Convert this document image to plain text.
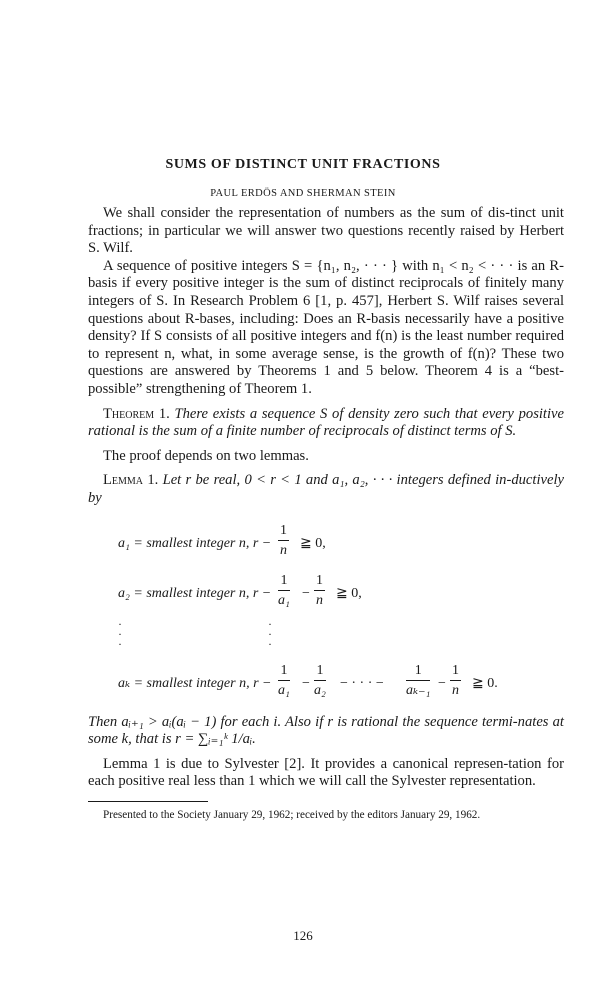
SUMS OF DISTINCT UNIT FRACTIONS
PAUL ERDÖS AND SHERMAN STEIN

We shall consider the representation of numbers as the sum of dis-tinct unit fractions; in particular we will answer two questions recently raised by Herbert S. Wilf.

A sequence of positive integers S = {n₁, n₂, · · · } with n₁ < n₂ < · · · is an R-basis if every positive integer is the sum of distinct reciprocals of finitely many integers of S. In Research Problem 6 [1, p. 457], Herbert S. Wilf raises several questions about R-bases, including: Does an R-basis necessarily have a positive density? If S consists of all positive integers and f(n) is the least number required to represent n, what, in some average sense, is the growth of f(n)? These two questions are answered by Theorems 1 and 5 below. Theorem 4 is a “best-possible” strengthening of Theorem 1.

Theorem 1. There exists a sequence S of density zero such that every positive rational is the sum of a finite number of reciprocals of distinct terms of S.

The proof depends on two lemmas.

Lemma 1. Let r be real, 0 < r < 1 and a₁, a₂, · · · integers defined in-ductively by

a₁ = smallest integer n, $r - \frac{1}{n}$ ≧ 0,
a₂ = smallest integer n, $r - \frac{1}{\text{a₁}} - \frac{1}{n}$ ≧ 0,
·
·
·
·
·
·
aₖ = smallest integer n, $r - \frac{1}{\text{a₁}} - \frac{1}{\text{a₂}}$ − · · · − $\frac{1}{\text{aₖ₋₁}} - \frac{1}{n}$ ≧ 0.

Then aᵢ₊₁ > aᵢ(aᵢ − 1) for each i. Also if r is rational the sequence termi-nates at some k, that is r = ∑ᵢ₌₁ᵏ 1/aᵢ.

Lemma 1 is due to Sylvester [2]. It provides a canonical represen-tation for each positive real less than 1 which we will call the Sylvester representation.

Presented to the Society January 29, 1962; received by the editors January 29, 1962.
126
